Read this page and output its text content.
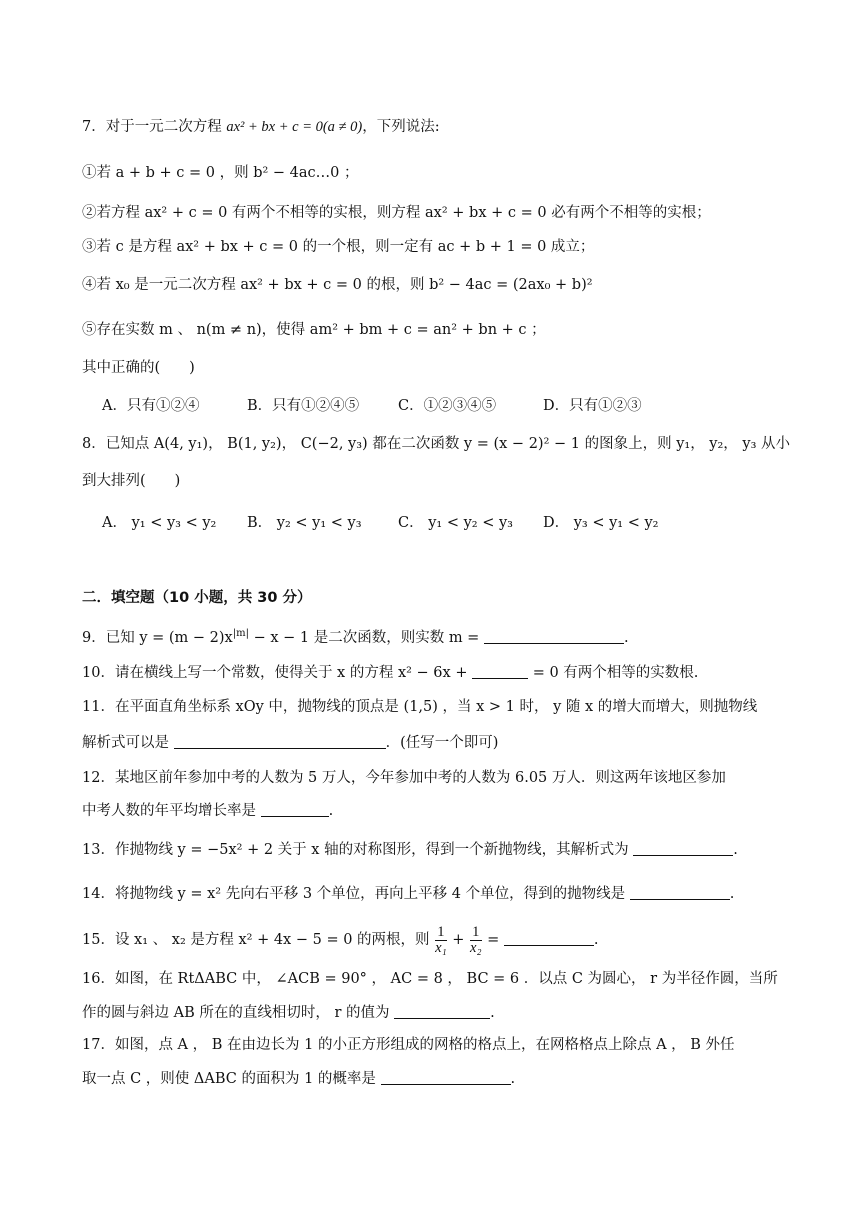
7．对于一元二次方程 ax² + bx + c = 0(a ≠ 0)，下列说法:
①若 a + b + c = 0 ，则 b² − 4ac…0 ；
②若方程 ax² + c = 0 有两个不相等的实根，则方程 ax² + bx + c = 0 必有两个不相等的实根；
③若 c 是方程 ax² + bx + c = 0 的一个根，则一定有 ac + b + 1 = 0 成立；
④若 x₀ 是一元二次方程 ax² + bx + c = 0 的根，则 b² − 4ac = (2ax₀ + b)²
⑤存在实数 m 、 n(m ≠ n)，使得 am² + bm + c = an² + bn + c ；
其中正确的(　　)
A．只有①②④	B．只有①②④⑤	C．①②③④⑤	D．只有①②③
8．已知点 A(4, y₁)， B(1, y₂)， C(−2, y₃) 都在二次函数 y = (x − 2)² − 1 的图象上，则 y₁， y₂， y₃ 从小
到大排列(　　)
A． y₁ < y₃ < y₂ B． y₂ < y₁ < y₃	C． y₁ < y₂ < y₃ D． y₃ < y₁ < y₂
二．填空题（10 小题，共 30 分）
9．已知 $y = (m - 2)x^{|m|} - x - 1$ 是二次函数，则实数 m =	.
10．请在横线上写一个常数，使得关于 x 的方程 x² − 6x +	= 0 有两个相等的实数根.
11．在平面直角坐标系 xOy 中，抛物线的顶点是 (1,5) ，当 x > 1 时， y 随 x 的增大而增大，则抛物线
解析式可以是	．(任写一个即可)
12．某地区前年参加中考的人数为 5 万人，今年参加中考的人数为 6.05 万人．则这两年该地区参加
中考人数的年平均增长率是	.
13．作抛物线 y = −5x² + 2 关于 x 轴的对称图形，得到一个新抛物线，其解析式为	.
14．将抛物线 y = x² 先向右平移 3 个单位，再向上平移 4 个单位，得到的抛物线是	.
15．设 x₁ 、 x₂ 是方程 x² + 4x − 5 = 0 的两根，则 $\frac{1}{\text{x₁}} + \frac{1}{\text{x₂}}$ =	.
16．如图，在 RtΔABC 中， ∠ACB = 90° ， AC = 8 ， BC = 6 ．以点 C 为圆心， r 为半径作圆，当所
作的圆与斜边 AB 所在的直线相切时， r 的值为	.
17．如图，点 A ， B 在由边长为 1 的小正方形组成的网格的格点上，在网格格点上除点 A ， B 外任
取一点 C ，则使 ΔABC 的面积为 1 的概率是	.
